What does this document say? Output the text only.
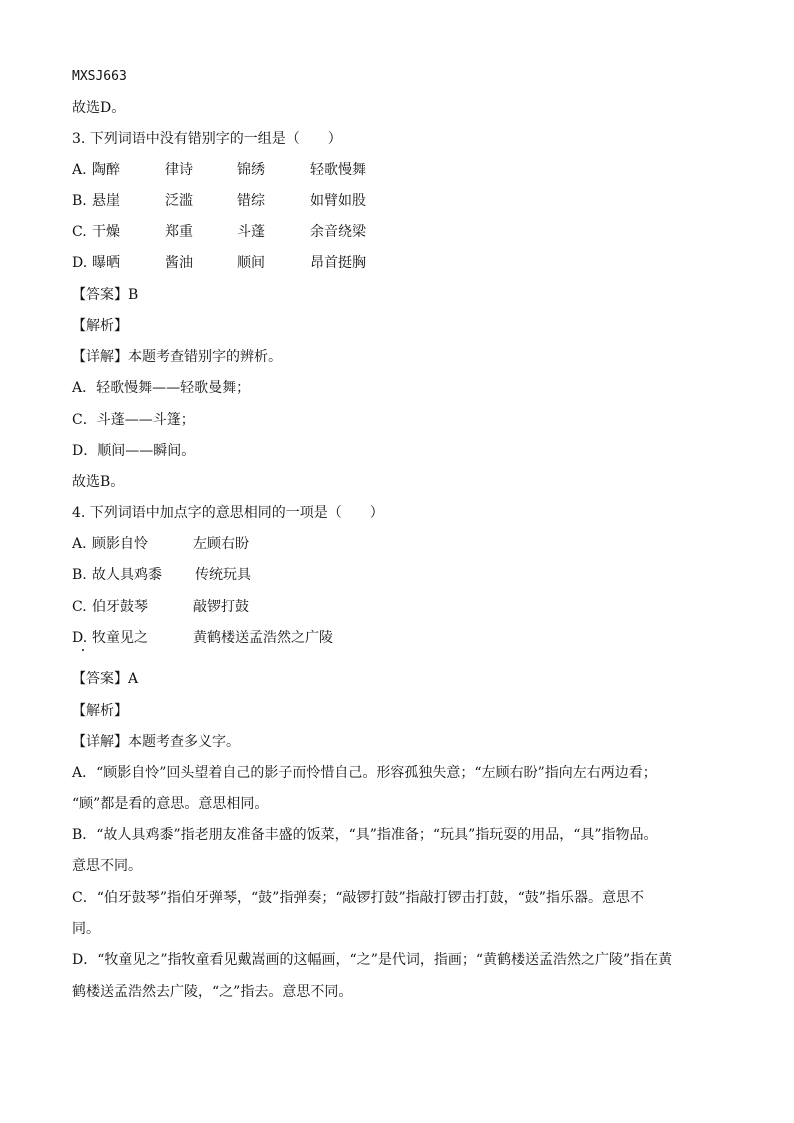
MXSJ663
故选D。
3. 下列词语中没有错别字的一组是（　　）
A. 陶醉	律诗	锦绣	轻歌慢舞
B. 悬崖	泛滥	错综	如臂如股
C. 干燥	郑重	斗蓬	余音绕梁
D. 曝晒	酱油	顺间	昂首挺胸
【答案】B
【解析】
【详解】本题考查错别字的辨析。
A．轻歌慢舞——轻歌曼舞；
C．斗蓬——斗篷；
D．顺间——瞬间。
故选B。
4. 下列词语中加点字的意思相同的一项是（　　）
A. 顾影自怜	左顾右盼
B. 故人具鸡黍 传统玩具
C. 伯牙鼓琴	敲锣打鼓
D. 牧童见之	黄鹤楼送孟浩然之广陵
【答案】A
【解析】
【详解】本题考查多义字。
A．“顾影自怜”回头望着自己的影子而怜惜自己。形容孤独失意；“左顾右盼”指向左右两边看；
“顾”都是看的意思。意思相同。
B．“故人具鸡黍”指老朋友准备丰盛的饭菜，“具”指准备；“玩具”指玩耍的用品，“具”指物品。
意思不同。
C．“伯牙鼓琴”指伯牙弹琴，“鼓”指弹奏；“敲锣打鼓”指敲打锣击打鼓，“鼓”指乐器。意思不
同。
D．“牧童见之”指牧童看见戴嵩画的这幅画，“之”是代词，指画；“黄鹤楼送孟浩然之广陵”指在黄
鹤楼送孟浩然去广陵，“之”指去。意思不同。
